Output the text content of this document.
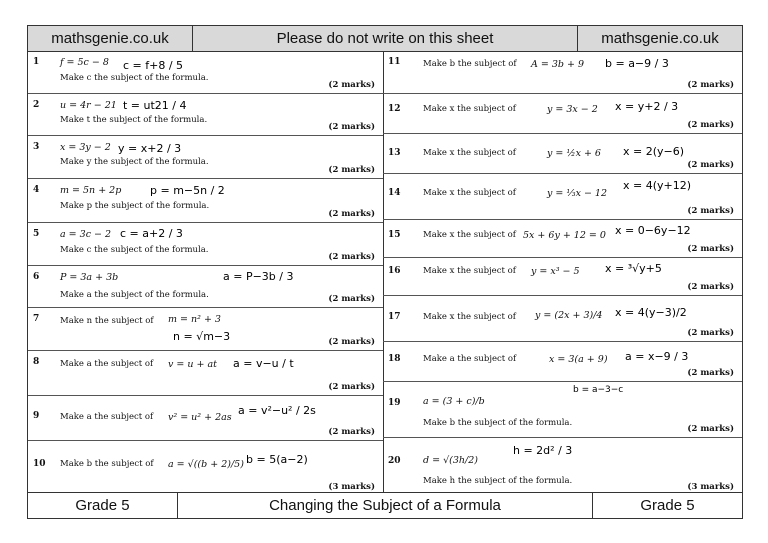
mathsgenie.co.uk	Please do not write on this sheet	mathsgenie.co.uk
1 f = 5c − 8 c = f+8 / 5
Make c the subject of the formula.
(2 marks)
2 u = 4r − 21 t = ut21 / 4
Make t the subject of the formula.
(2 marks)
3 x = 3y − 2 y = x+2 / 3
Make y the subject of the formula.
(2 marks)
4 m = 5n + 2p	p = m−5n / 2
Make p the subject of the formula.
(2 marks)
5 a = 3c − 2 c = a+2 / 3
Make c the subject of the formula.
(2 marks)
6 P = 3a + 3b	a = P−3b / 3
Make a the subject of the formula.	(2 marks)
7 Make n the subject of m = n² + 3
n = √m−3	(2 marks)
8 Make a the subject of v = u + at a = v−u / t
(2 marks)
9 Make a the subject of v² = u² + 2as
a = v²−u² / 2s
(2 marks)
10 Make b the subject of a = √((b + 2)/5) b = 5(a−2)
(3 marks)
11	Make b the subject of A = 3b + 9 b = a−9 / 3
(2 marks)
12	Make x the subject of	y = 3x − 2 x = y+2 / 3
(2 marks)
13	Make x the subject of	y = ½x + 6 x = 2(y−6)
(2 marks)
14	Make x the subject of	y = ⅓x − 12
x = 4(y+12)
(2 marks)
15	Make x the subject of 5x + 6y + 12 = 0 x = 0−6y−12
(2 marks)
16	Make x the subject of y = x³ − 5 x = ³√y+5
(2 marks)
17	Make x the subject of y = (2x + 3)/4 x = 4(y−3)/2
(2 marks)
18	Make a the subject of	x = 3(a + 9) a = x−9 / 3
(2 marks)
19 a = (3 + c)/b
b = a−3−c
Make b the subject of the formula.
(2 marks)
20 d = √(3h/2)
h = 2d² / 3
Make h the subject of the formula.
(3 marks)
Grade 5	Changing the Subject of a Formula	Grade 5
